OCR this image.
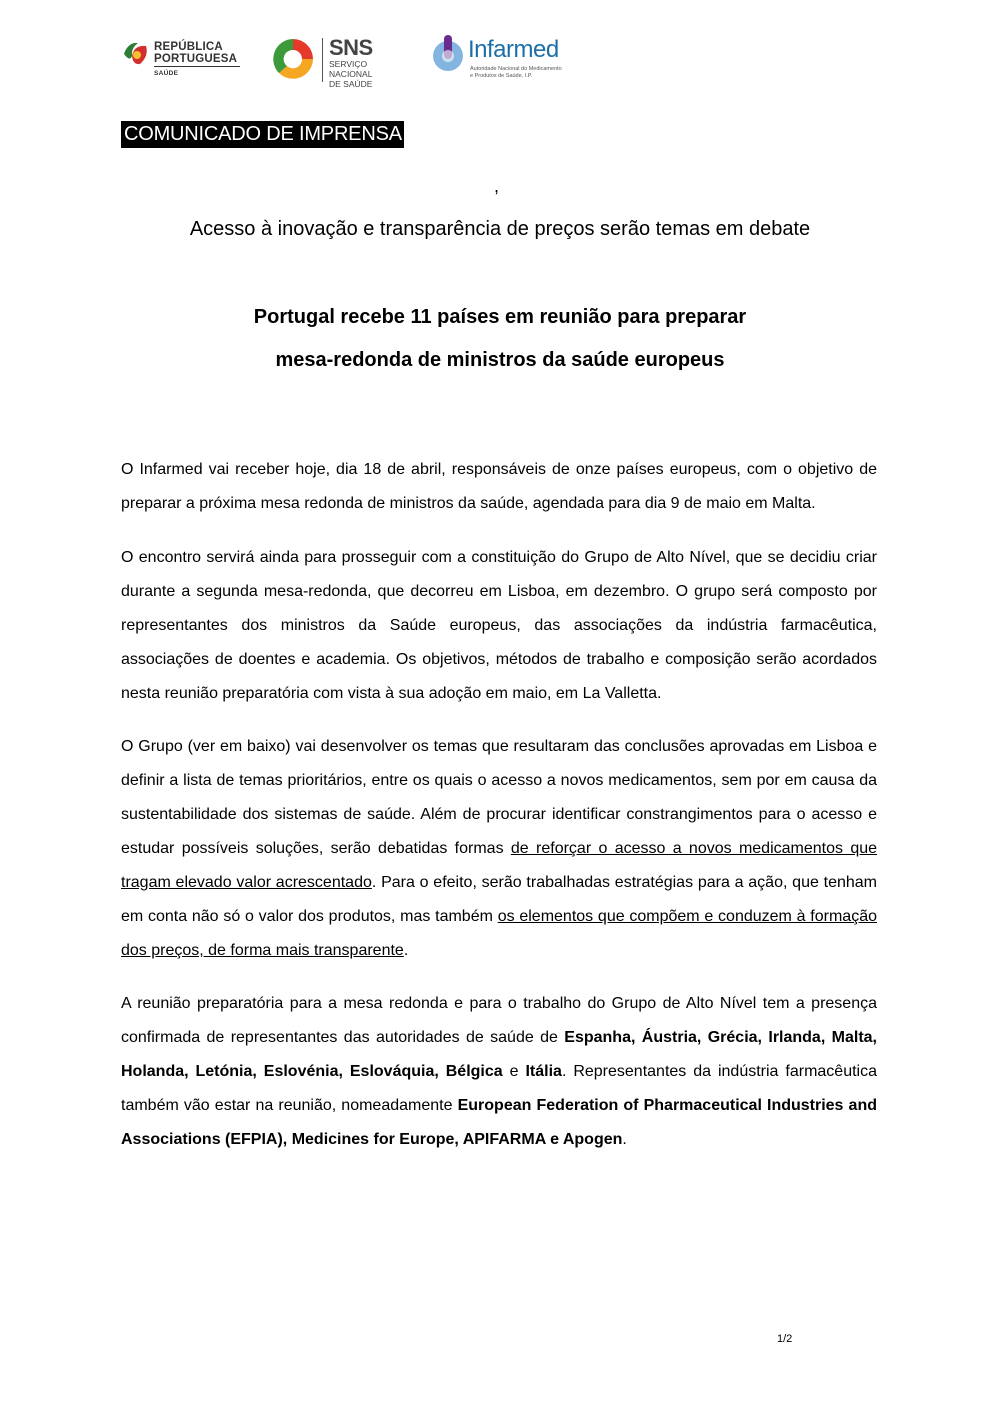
REPÚBLICA
PORTUGUESA
SAÚDE
SNS
SERVIÇO NACIONAL
DE SAÚDE
Infarmed
Autoridade Nacional do Medicamento
e Produtos de Saúde, I.P.
COMUNICADO DE IMPRENSA
,
Acesso à inovação e transparência de preços serão temas em debate
Portugal recebe 11 países em reunião para preparar
mesa-redonda de ministros da saúde europeus
O Infarmed vai receber hoje, dia 18 de abril, responsáveis de onze países europeus, com o objetivo de preparar a próxima mesa redonda de ministros da saúde, agendada para dia 9 de maio em Malta.
O encontro servirá ainda para prosseguir com a constituição do Grupo de Alto Nível, que se decidiu criar durante a segunda mesa-redonda, que decorreu em Lisboa, em dezembro. O grupo será composto por representantes dos ministros da Saúde europeus, das associações da indústria farmacêutica, associações de doentes e academia. Os objetivos, métodos de trabalho e composição serão acordados nesta reunião preparatória com vista à sua adoção em maio, em La Valletta.
O Grupo (ver em baixo) vai desenvolver os temas que resultaram das conclusões aprovadas em Lisboa e definir a lista de temas prioritários, entre os quais o acesso a novos medicamentos, sem por em causa da sustentabilidade dos sistemas de saúde. Além de procurar identificar constrangimentos para o acesso e estudar possíveis soluções, serão debatidas formas de reforçar o acesso a novos medicamentos que tragam elevado valor acrescentado. Para o efeito, serão trabalhadas estratégias para a ação, que tenham em conta não só o valor dos produtos, mas também os elementos que compõem e conduzem à formação dos preços, de forma mais transparente.
A reunião preparatória para a mesa redonda e para o trabalho do Grupo de Alto Nível tem a presença confirmada de representantes das autoridades de saúde de Espanha, Áustria, Grécia, Irlanda, Malta, Holanda, Letónia, Eslovénia, Eslováquia, Bélgica e Itália. Representantes da indústria farmacêutica também vão estar na reunião, nomeadamente European Federation of Pharmaceutical Industries and Associations (EFPIA), Medicines for Europe, APIFARMA e Apogen.
1/2
